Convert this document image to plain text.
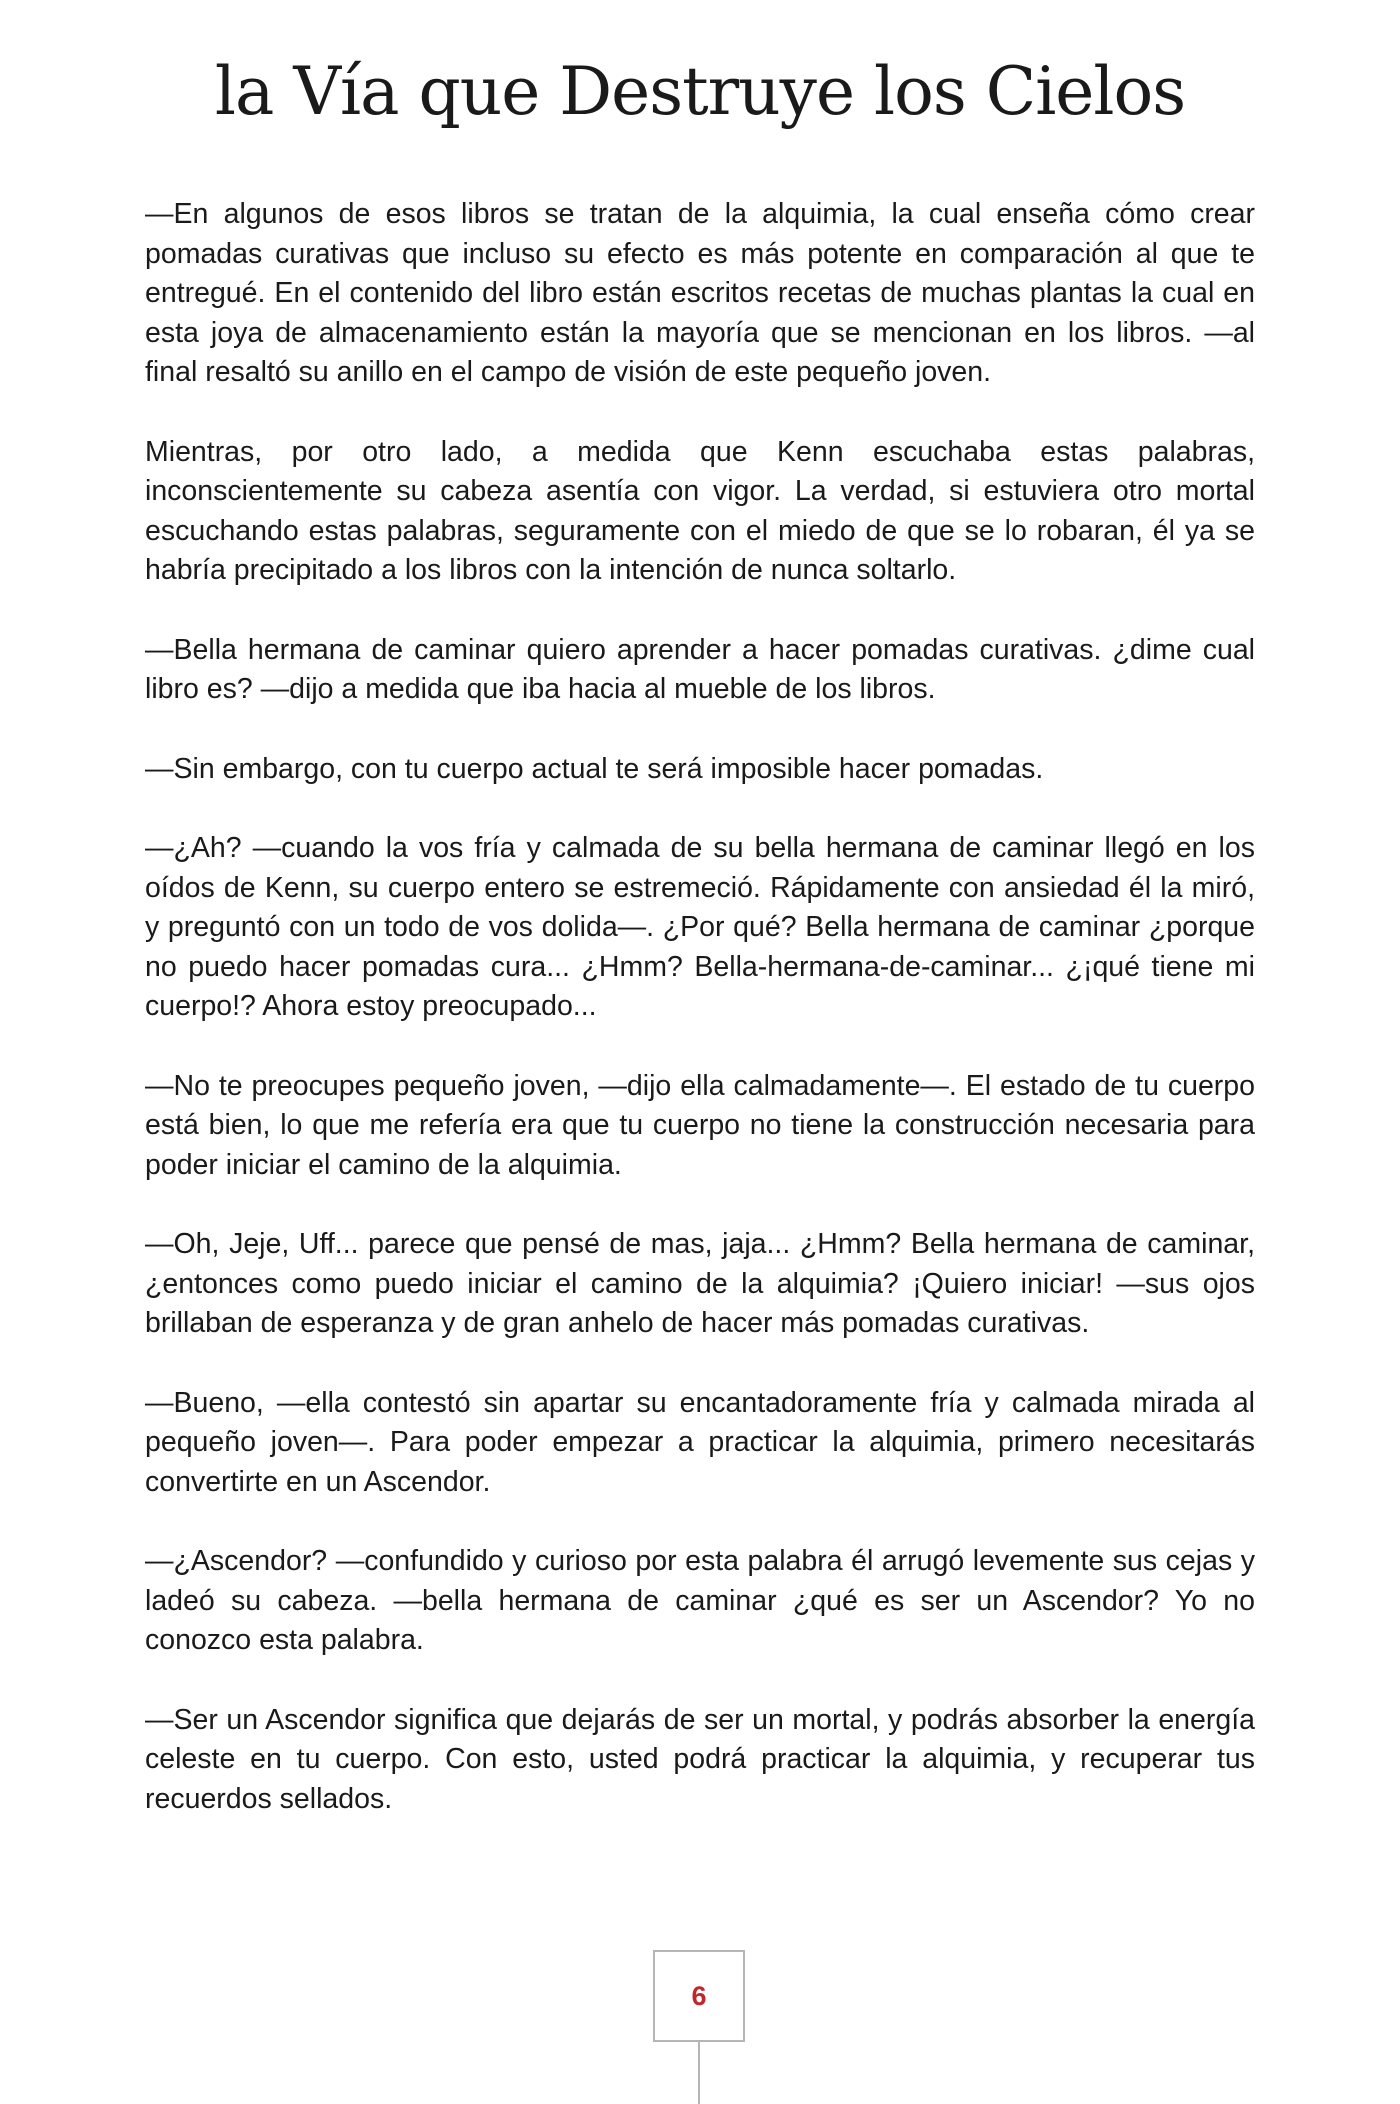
la Vía que Destruye los Cielos

—En algunos de esos libros se tratan de la alquimia, la cual enseña cómo crear pomadas curativas que incluso su efecto es más potente en comparación al que te entregué. En el contenido del libro están escritos recetas de muchas plantas la cual en esta joya de almacenamiento están la mayoría que se mencionan en los libros. —al final resaltó su anillo en el campo de visión de este pequeño joven.

Mientras, por otro lado, a medida que Kenn escuchaba estas palabras, inconscientemente su cabeza asentía con vigor. La verdad, si estuviera otro mortal escuchando estas palabras, seguramente con el miedo de que se lo robaran, él ya se habría precipitado a los libros con la intención de nunca soltarlo.

—Bella hermana de caminar quiero aprender a hacer pomadas curativas. ¿dime cual libro es? —dijo a medida que iba hacia al mueble de los libros.

—Sin embargo, con tu cuerpo actual te será imposible hacer pomadas.

—¿Ah? —cuando la vos fría y calmada de su bella hermana de caminar llegó en los oídos de Kenn, su cuerpo entero se estremeció. Rápidamente con ansiedad él la miró, y preguntó con un todo de vos dolida—. ¿Por qué? Bella hermana de caminar ¿porque no puedo hacer pomadas cura... ¿Hmm? Bella-hermana-de-caminar... ¿¡qué tiene mi cuerpo!? Ahora estoy preocupado...

—No te preocupes pequeño joven, —dijo ella calmadamente—. El estado de tu cuerpo está bien, lo que me refería era que tu cuerpo no tiene la construcción necesaria para poder iniciar el camino de la alquimia.

—Oh, Jeje, Uff... parece que pensé de mas, jaja... ¿Hmm? Bella hermana de caminar, ¿entonces como puedo iniciar el camino de la alquimia? ¡Quiero iniciar! —sus ojos brillaban de esperanza y de gran anhelo de hacer más pomadas curativas.

—Bueno, —ella contestó sin apartar su encantadoramente fría y calmada mirada al pequeño joven—. Para poder empezar a practicar la alquimia, primero necesitarás convertirte en un Ascendor.

—¿Ascendor? —confundido y curioso por esta palabra él arrugó levemente sus cejas y ladeó su cabeza. —bella hermana de caminar ¿qué es ser un Ascendor? Yo no conozco esta palabra.

—Ser un Ascendor significa que dejarás de ser un mortal, y podrás absorber la energía celeste en tu cuerpo. Con esto, usted podrá practicar la alquimia, y recuperar tus recuerdos sellados.

6
